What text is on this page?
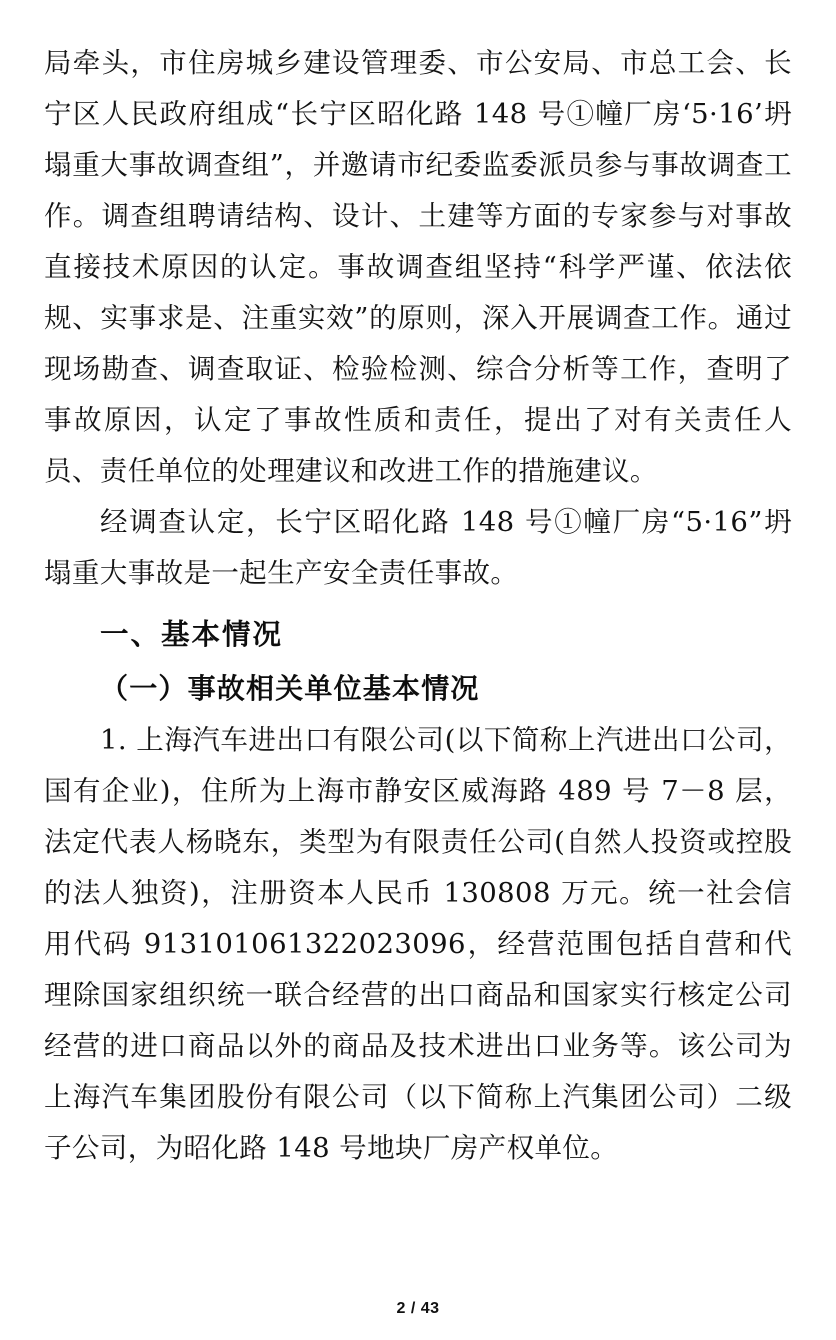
局牵头，市住房城乡建设管理委、市公安局、市总工会、长宁区人民政府组成“长宁区昭化路 148 号①幢厂房‘5·16’坍塌重大事故调查组”，并邀请市纪委监委派员参与事故调查工作。调查组聘请结构、设计、土建等方面的专家参与对事故直接技术原因的认定。事故调查组坚持“科学严谨、依法依规、实事求是、注重实效”的原则，深入开展调查工作。通过现场勘查、调查取证、检验检测、综合分析等工作，查明了事故原因，认定了事故性质和责任，提出了对有关责任人员、责任单位的处理建议和改进工作的措施建议。

经调查认定，长宁区昭化路 148 号①幢厂房“5·16”坍塌重大事故是一起生产安全责任事故。

一、基本情况

（一）事故相关单位基本情况

1. 上海汽车进出口有限公司(以下简称上汽进出口公司，国有企业)，住所为上海市静安区威海路 489 号 7－8 层，法定代表人杨晓东，类型为有限责任公司(自然人投资或控股的法人独资)，注册资本人民币 130808 万元。统一社会信用代码 913101061322023096，经营范围包括自营和代理除国家组织统一联合经营的出口商品和国家实行核定公司经营的进口商品以外的商品及技术进出口业务等。该公司为上海汽车集团股份有限公司（以下简称上汽集团公司）二级子公司，为昭化路 148 号地块厂房产权单位。

2 / 43
